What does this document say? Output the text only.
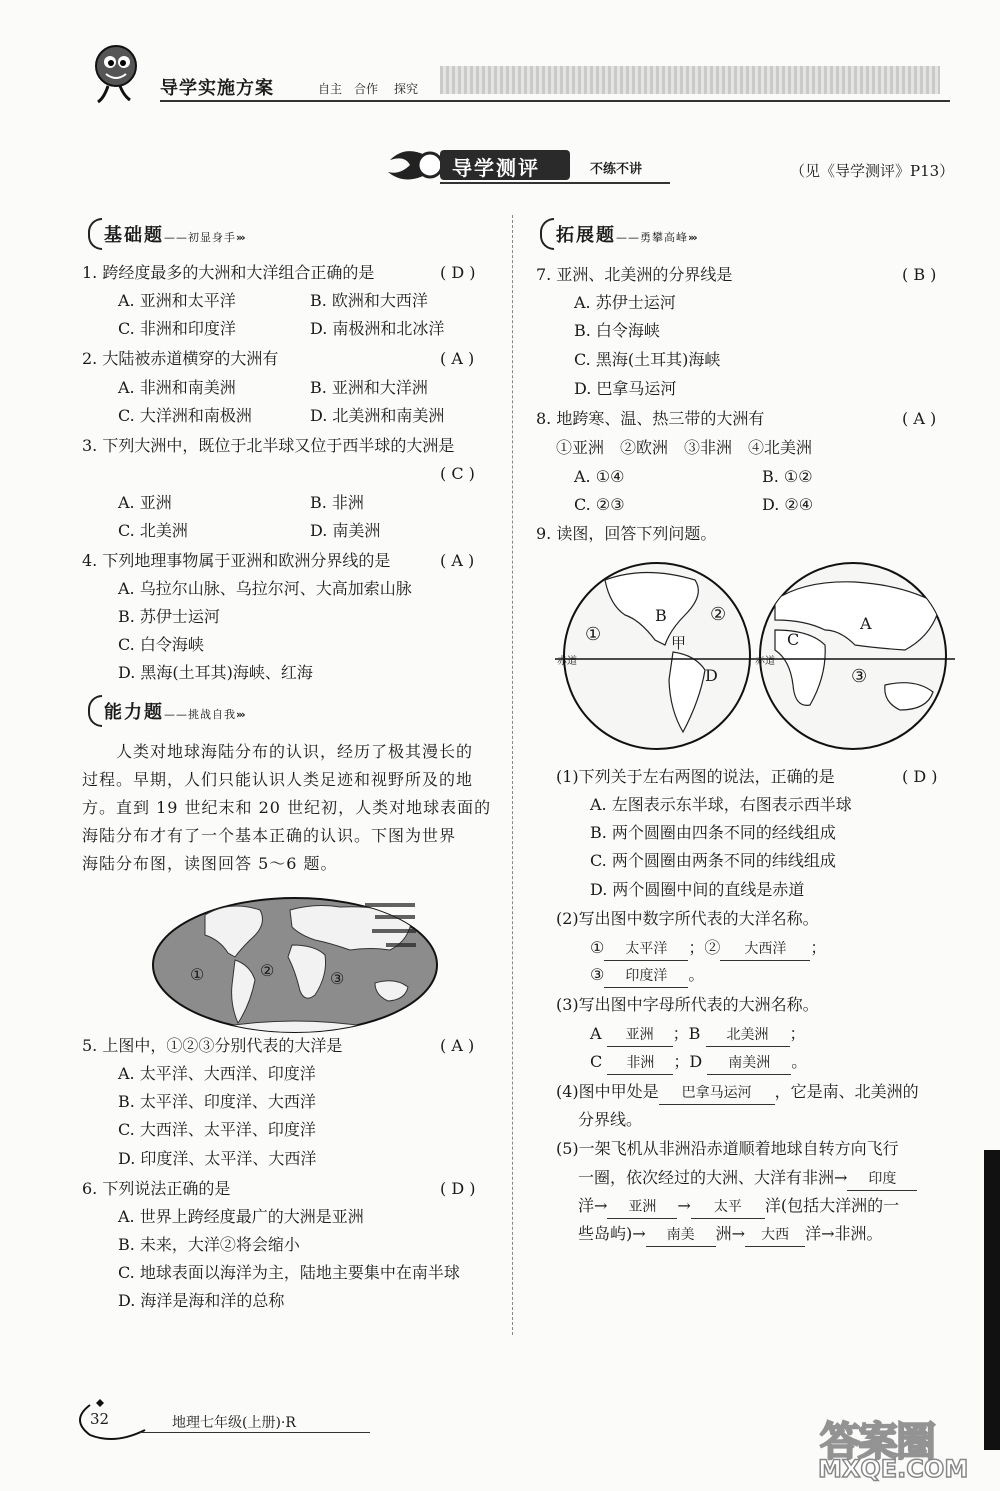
导学实施方案	自主 合作 探究
导学测评	不练不讲	（见《导学测评》P13）
基础题——初显身手›››
1. 跨经度最多的大洲和大洋组合正确的是	( D )
A. 亚洲和太平洋	B. 欧洲和大西洋
C. 非洲和印度洋	D. 南极洲和北冰洋
2. 大陆被赤道横穿的大洲有	( A )
A. 非洲和南美洲	B. 亚洲和大洋洲
C. 大洋洲和南极洲	D. 北美洲和南美洲
3. 下列大洲中，既位于北半球又位于西半球的大洲是
( C )
A. 亚洲	B. 非洲
C. 北美洲	D. 南美洲
4. 下列地理事物属于亚洲和欧洲分界线的是	( A )
A. 乌拉尔山脉、乌拉尔河、大高加索山脉
B. 苏伊士运河
C. 白令海峡
D. 黑海(土耳其)海峡、红海
能力题——挑战自我›››
人类对地球海陆分布的认识，经历了极其漫长的
过程。早期，人们只能认识人类足迹和视野所及的地
方。直到 19 世纪末和 20 世纪初，人类对地球表面的
海陆分布才有了一个基本正确的认识。下图为世界
海陆分布图，读图回答 5～6 题。
①	②	③
5. 上图中，①②③分别代表的大洋是	( A )
A. 太平洋、大西洋、印度洋
B. 太平洋、印度洋、大西洋
C. 大西洋、太平洋、印度洋
D. 印度洋、太平洋、大西洋
6. 下列说法正确的是	( D )
A. 世界上跨经度最广的大洲是亚洲
B. 未来，大洋②将会缩小
C. 地球表面以海洋为主，陆地主要集中在南半球
D. 海洋是海和洋的总称
拓展题——勇攀高峰›››
7. 亚洲、北美洲的分界线是	( B )
A. 苏伊士运河
B. 白令海峡
C. 黑海(土耳其)海峡
D. 巴拿马运河
8. 地跨寒、温、热三带的大洲有	( A )
①亚洲　②欧洲　③非洲　④北美洲
A. ①④	B. ①②
C. ②③	D. ②④
9. 读图，回答下列问题。
B ②
①	甲
D
赤道
A
C
③
赤道
(1)下列关于左右两图的说法，正确的是	( D )
A. 左图表示东半球，右图表示西半球
B. 两个圆圈由四条不同的经线组成
C. 两个圆圈由两条不同的纬线组成
D. 两个圆圈中间的直线是赤道
(2)写出图中数字所代表的大洋名称。
① 太平洋 ；② 大西洋 ；
③ 印度洋 。
(3)写出图中字母所代表的大洲名称。
A 亚洲 ；B 北美洲 ；
C 非洲 ；D 南美洲 。
(4)图中甲处是 巴拿马运河 ，它是南、北美洲的
分界线。
(5)一架飞机从非洲沿赤道顺着地球自转方向飞行
一圈，依次经过的大洲、大洋有非洲→ 印度
洋→ 亚洲 → 太平 洋(包括大洋洲的一
些岛屿)→ 南美 洲→ 大西 洋→非洲。
32	地理七年级(上册)·R	答案圈
MXQE.COM
